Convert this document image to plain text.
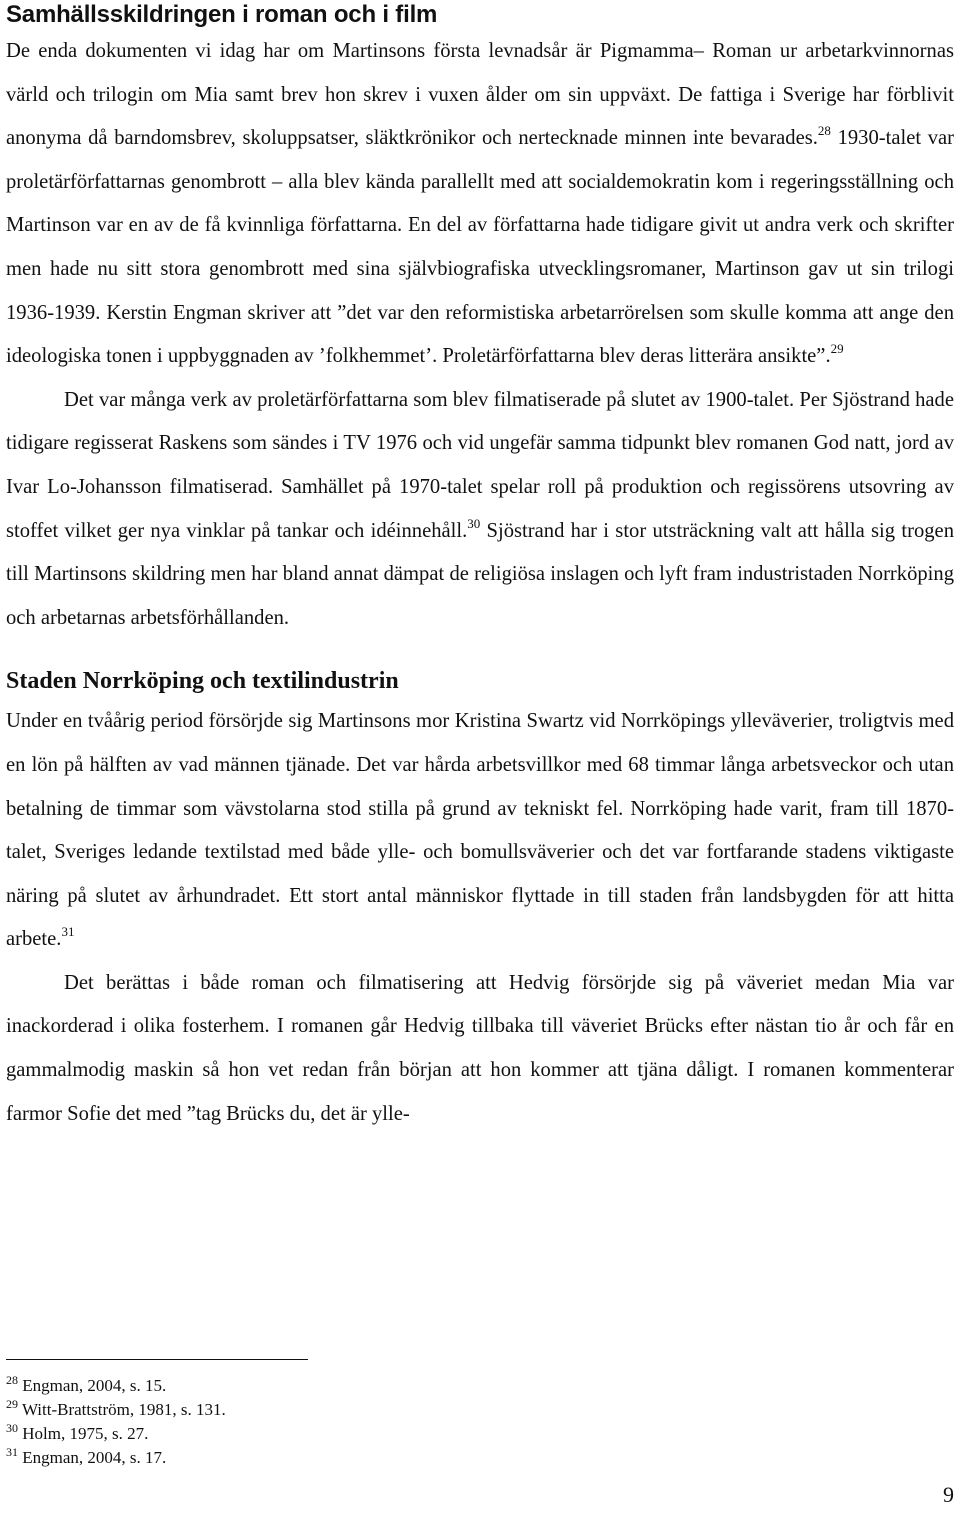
Samhällsskildringen i roman och i film

De enda dokumenten vi idag har om Martinsons första levnadsår är Pigmamma– Roman ur arbetarkvinnornas värld och trilogin om Mia samt brev hon skrev i vuxen ålder om sin uppväxt. De fattiga i Sverige har förblivit anonyma då barndomsbrev, skoluppsatser, släktkrönikor och nertecknade minnen inte bevarades.$^{28}$ 1930-talet var proletärförfattarnas genombrott – alla blev kända parallellt med att socialdemokratin kom i regeringsställning och Martinson var en av de få kvinnliga författarna. En del av författarna hade tidigare givit ut andra verk och skrifter men hade nu sitt stora genombrott med sina självbiografiska utvecklingsromaner, Martinson gav ut sin trilogi 1936-1939. Kerstin Engman skriver att ”det var den reformistiska arbetarrörelsen som skulle komma att ange den ideologiska tonen i uppbyggnaden av ’folkhemmet’. Proletärförfattarna blev deras litterära ansikte”.$^{29}$

Det var många verk av proletärförfattarna som blev filmatiserade på slutet av 1900-talet. Per Sjöstrand hade tidigare regisserat Raskens som sändes i TV 1976 och vid ungefär samma tidpunkt blev romanen God natt, jord av Ivar Lo-Johansson filmatiserad. Samhället på 1970-talet spelar roll på produktion och regissörens utsovring av stoffet vilket ger nya vinklar på tankar och idéinnehåll.$^{30}$ Sjöstrand har i stor utsträckning valt att hålla sig trogen till Martinsons skildring men har bland annat dämpat de religiösa inslagen och lyft fram industristaden Norrköping och arbetarnas arbetsförhållanden.

Staden Norrköping och textilindustrin

Under en tvåårig period försörjde sig Martinsons mor Kristina Swartz vid Norrköpings ylleväverier, troligtvis med en lön på hälften av vad männen tjänade. Det var hårda arbetsvillkor med 68 timmar långa arbetsveckor och utan betalning de timmar som vävstolarna stod stilla på grund av tekniskt fel. Norrköping hade varit, fram till 1870-talet, Sveriges ledande textilstad med både ylle- och bomullsväverier och det var fortfarande stadens viktigaste näring på slutet av århundradet. Ett stort antal människor flyttade in till staden från landsbygden för att hitta arbete.$^{31}$

Det berättas i både roman och filmatisering att Hedvig försörjde sig på väveriet medan Mia var inackorderad i olika fosterhem. I romanen går Hedvig tillbaka till väveriet Brücks efter nästan tio år och får en gammalmodig maskin så hon vet redan från början att hon kommer att tjäna dåligt. I romanen kommenterar farmor Sofie det med ”tag Brücks du, det är ylle-

$^{28}$ Engman, 2004, s. 15.
$^{29}$ Witt-Brattström, 1981, s. 131.
$^{30}$ Holm, 1975, s. 27.
$^{31}$ Engman, 2004, s. 17.
9
